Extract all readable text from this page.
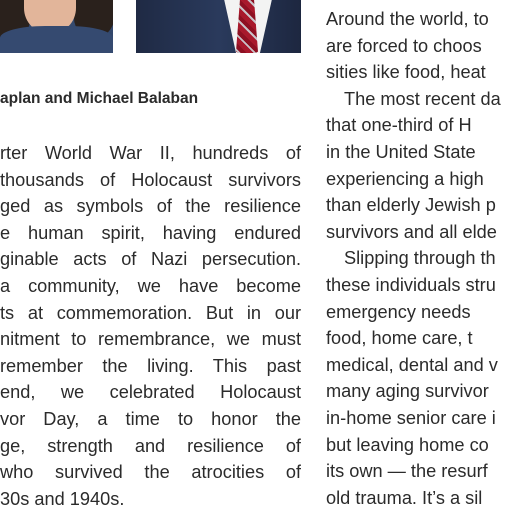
aplan and Michael Balaban

rter World War II, hundreds of
thousands of Holocaust survivors
ged as symbols of the resilience
e human spirit, having endured
ginable acts of Nazi persecution.
a community, we have become
ts at commemoration. But in our
nitment to remembrance, we must
remember the living. This past
end, we celebrated Holocaust
vor Day, a time to honor the
ge, strength and resilience of
who survived the atrocities of
30s and 1940s.
Around the world, to
are forced to choos
sities like food, heat
The most recent da
that one-third of H
in the United State
experiencing a high
than elderly Jewish p
survivors and all elde
Slipping through th
these individuals stru
emergency needs
food, home care, t
medical, dental and v
many aging survivor
in-home senior care i
but leaving home co
its own — the resurf
old trauma. It’s a sil
